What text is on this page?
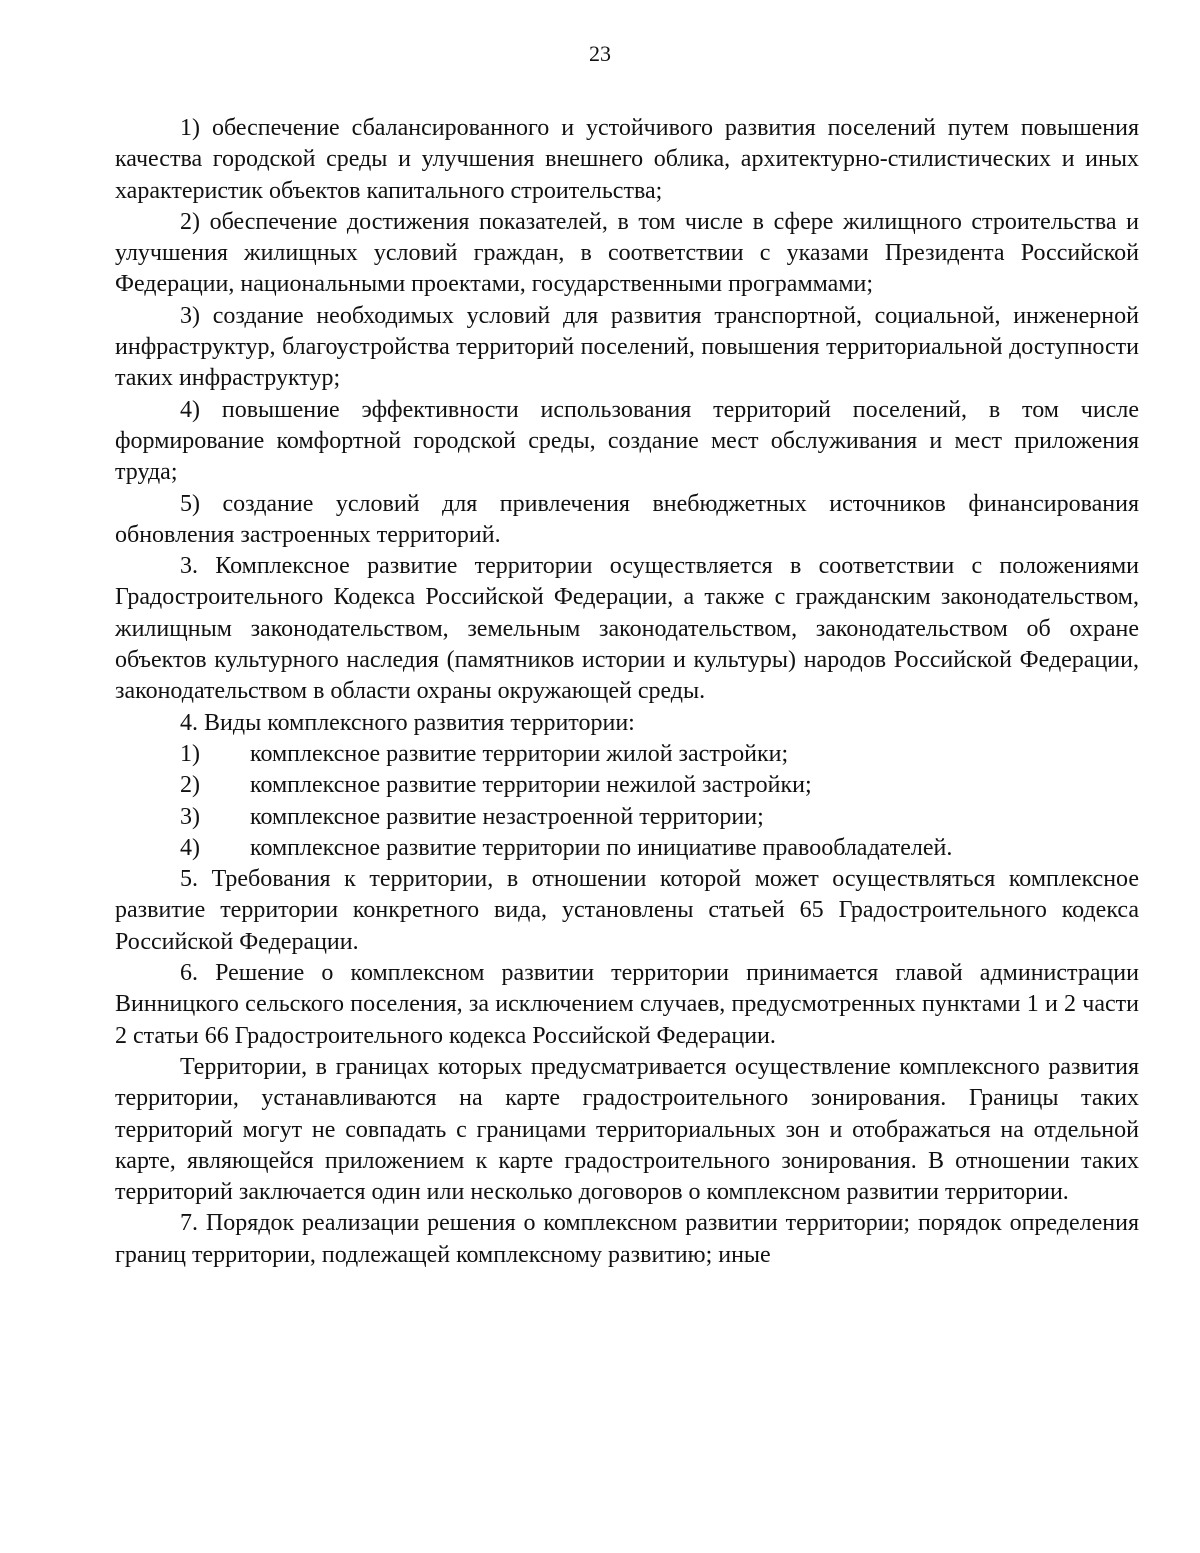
23

1) обеспечение сбалансированного и устойчивого развития поселений путем повышения качества городской среды и улучшения внешнего облика, архитектурно-стилистических и иных характеристик объектов капитального строительства;

2) обеспечение достижения показателей, в том числе в сфере жилищного строительства и улучшения жилищных условий граждан, в соответствии с указами Президента Российской Федерации, национальными проектами, государственными программами;

3) создание необходимых условий для развития транспортной, социальной, инженерной инфраструктур, благоустройства территорий поселений, повышения территориальной доступности таких инфраструктур;

4) повышение эффективности использования территорий поселений, в том числе формирование комфортной городской среды, создание мест обслуживания и мест приложения труда;

5) создание условий для привлечения внебюджетных источников финансирования обновления застроенных территорий.

3. Комплексное развитие территории осуществляется в соответствии с положениями Градостроительного Кодекса Российской Федерации, а также с гражданским законодательством, жилищным законодательством, земельным законодательством, законодательством об охране объектов культурного наследия (памятников истории и культуры) народов Российской Федерации, законодательством в области охраны окружающей среды.

4. Виды комплексного развития территории:

1)	комплексное развитие территории жилой застройки;
2)	комплексное развитие территории нежилой застройки;
3)	комплексное развитие незастроенной территории;
4)	комплексное развитие территории по инициативе правообладателей.

5. Требования к территории, в отношении которой может осуществляться комплексное развитие территории конкретного вида, установлены статьей 65 Градостроительного кодекса Российской Федерации.

6. Решение о комплексном развитии территории принимается главой администрации Винницкого сельского поселения, за исключением случаев, предусмотренных пунктами 1 и 2 части 2 статьи 66 Градостроительного кодекса Российской Федерации.

Территории, в границах которых предусматривается осуществление комплексного развития территории, устанавливаются на карте градостроительного зонирования. Границы таких территорий могут не совпадать с границами территориальных зон и отображаться на отдельной карте, являющейся приложением к карте градостроительного зонирования. В отношении таких территорий заключается один или несколько договоров о комплексном развитии территории.

7. Порядок реализации решения о комплексном развитии территории; порядок определения границ территории, подлежащей комплексному развитию; иные
